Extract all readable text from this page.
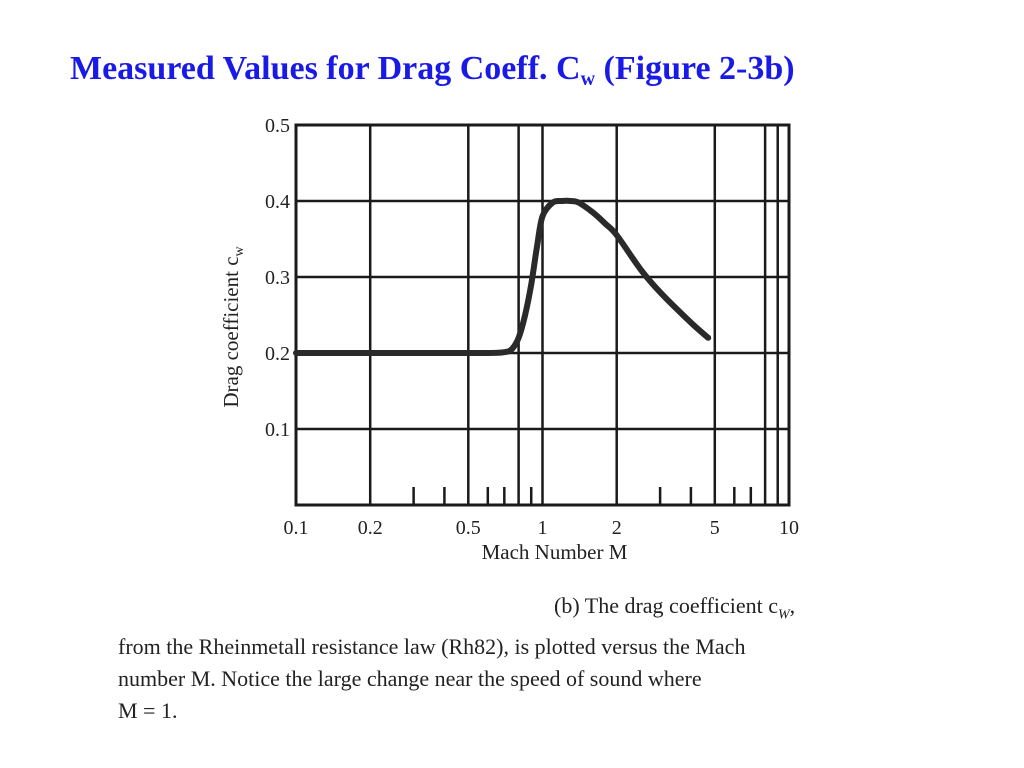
Measured Values for Drag Coeff. $C_w$ (Figure 2-3b)
0.1 0.2	0.5	1	2	5	10
0.1
0.2
0.3
0.4
0.5
Mach Number M
Drag coefficient $c_w$
(b) The drag coefficient $c_W$,
from the Rheinmetall resistance law (Rh82), is plotted versus the Mach
number M. Notice the large change near the speed of sound where
M = 1.
